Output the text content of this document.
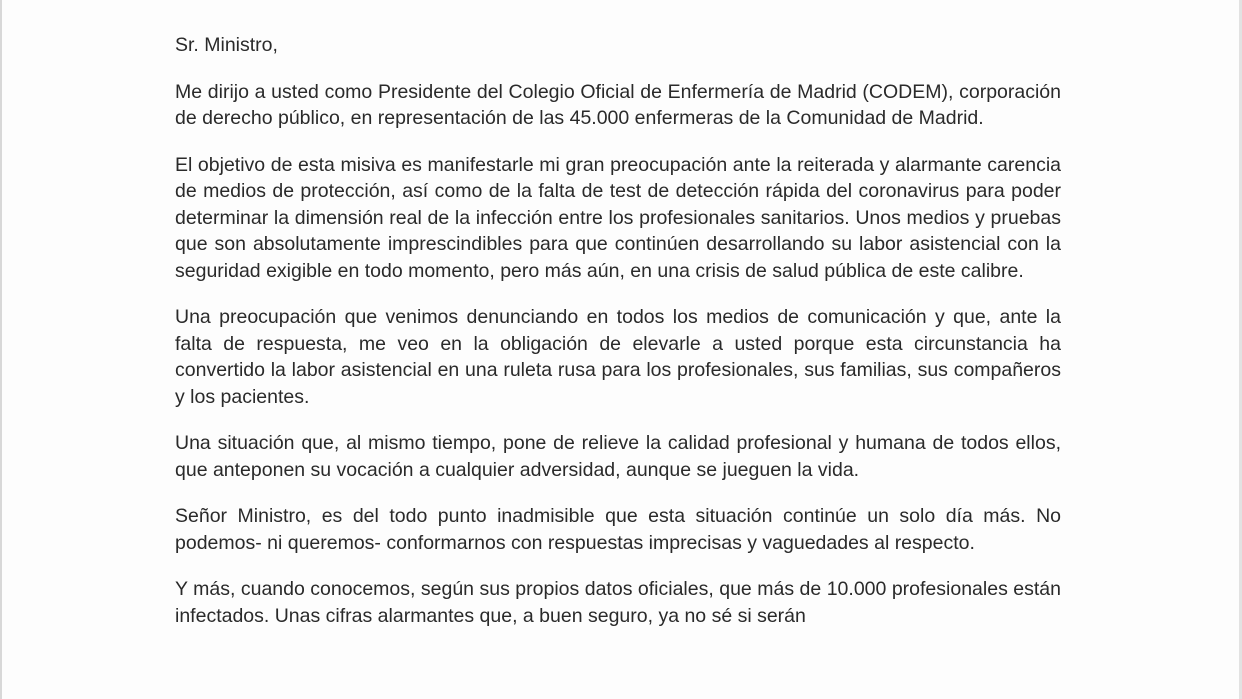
Sr. Ministro,

Me dirijo a usted como Presidente del Colegio Oficial de Enfermería de Madrid (CODEM), corporación de derecho público, en representación de las 45.000 enfermeras de la Comunidad de Madrid.

El objetivo de esta misiva es manifestarle mi gran preocupación ante la reiterada y alarmante carencia de medios de protección, así como de la falta de test de detección rápida del coronavirus para poder determinar la dimensión real de la infección entre los profesionales sanitarios. Unos medios y pruebas que son absolutamente imprescindibles para que continúen desarrollando su labor asistencial con la seguridad exigible en todo momento, pero más aún, en una crisis de salud pública de este calibre.

Una preocupación que venimos denunciando en todos los medios de comunicación y que, ante la falta de respuesta, me veo en la obligación de elevarle a usted porque esta circunstancia ha convertido la labor asistencial en una ruleta rusa para los profesionales, sus familias, sus compañeros y los pacientes.

Una situación que, al mismo tiempo, pone de relieve la calidad profesional y humana de todos ellos, que anteponen su vocación a cualquier adversidad, aunque se jueguen la vida.

Señor Ministro, es del todo punto inadmisible que esta situación continúe un solo día más. No podemos- ni queremos- conformarnos con respuestas imprecisas y vaguedades al respecto.

Y más, cuando conocemos, según sus propios datos oficiales, que más de 10.000 profesionales están infectados. Unas cifras alarmantes que, a buen seguro, ya no sé si serán
